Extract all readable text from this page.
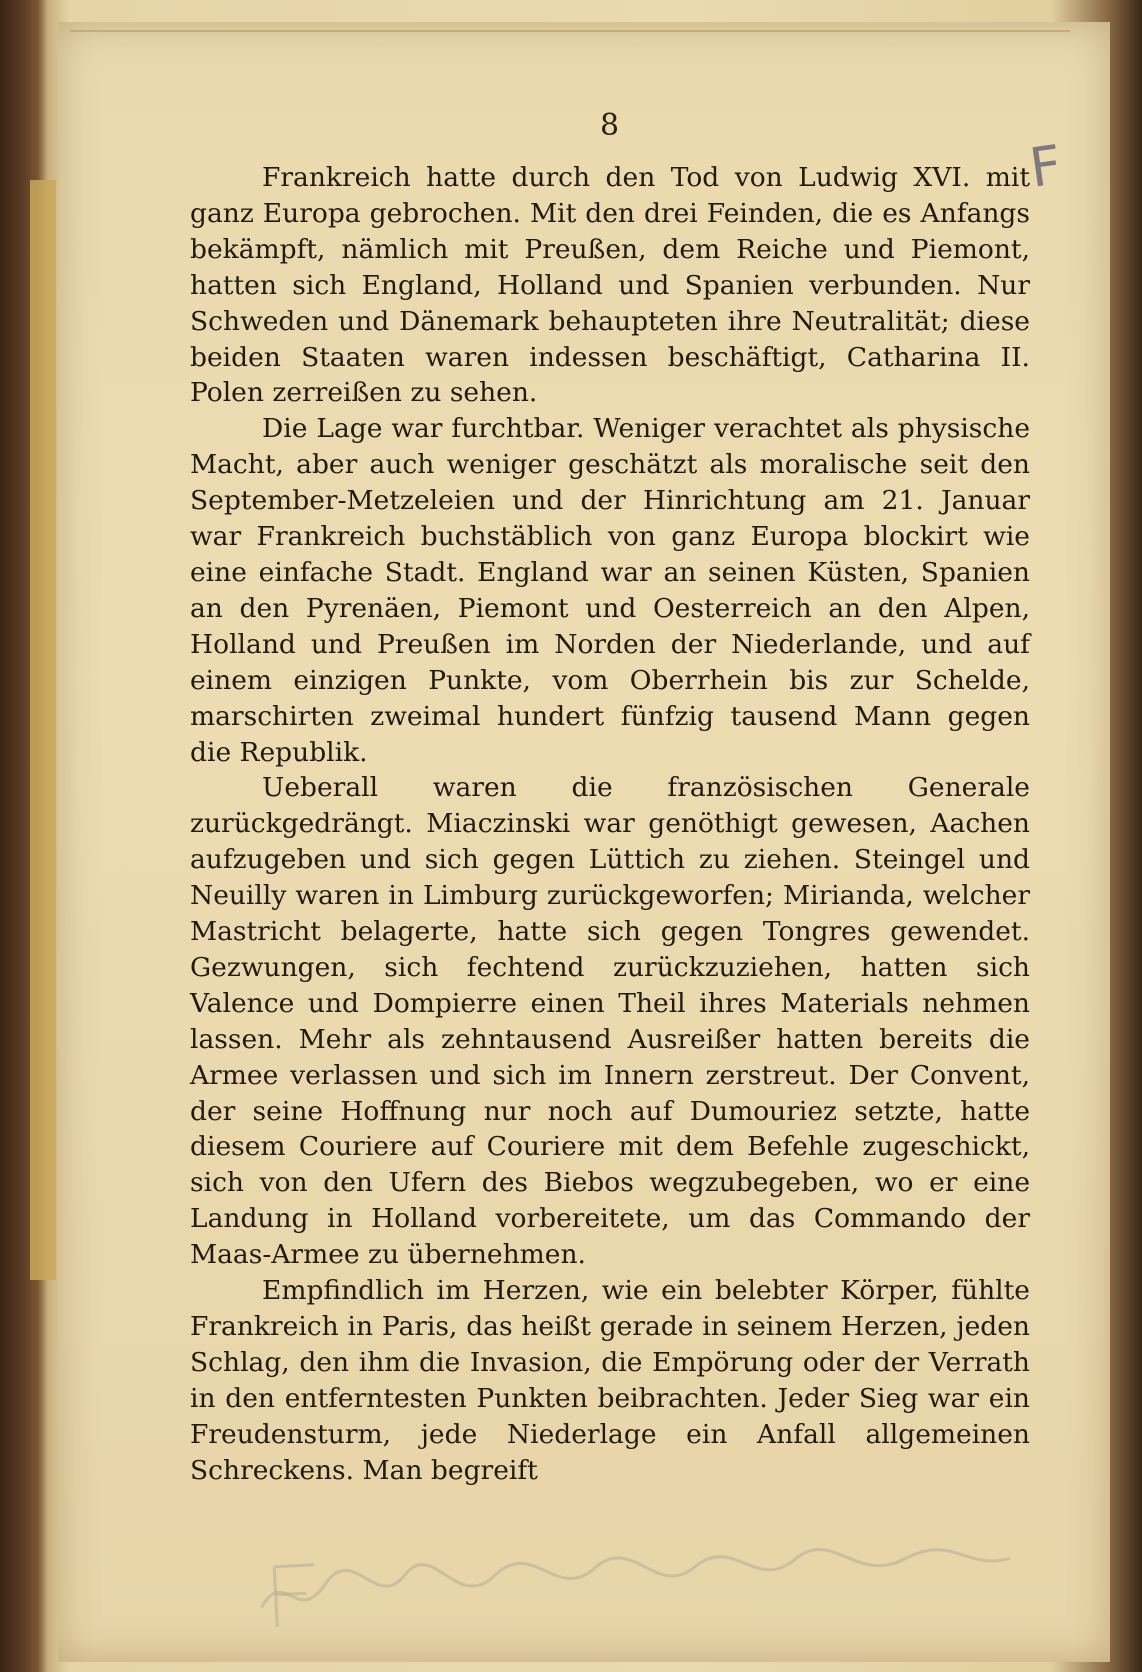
8
F

Frankreich hatte durch den Tod von Ludwig XVI. mit ganz Europa gebrochen. Mit den drei Feinden, die es Anfangs bekämpft, nämlich mit Preußen, dem Reiche und Piemont, hatten sich England, Holland und Spanien verbunden. Nur Schweden und Dänemark behaupteten ihre Neutralität; diese beiden Staaten waren indessen beschäftigt, Catharina II. Polen zerreißen zu sehen.

Die Lage war furchtbar. Weniger verachtet als physische Macht, aber auch weniger geschätzt als moralische seit den September-Metzeleien und der Hinrichtung am 21. Januar war Frankreich buchstäblich von ganz Europa blockirt wie eine einfache Stadt. England war an seinen Küsten, Spanien an den Pyrenäen, Piemont und Oesterreich an den Alpen, Holland und Preußen im Norden der Niederlande, und auf einem einzigen Punkte, vom Oberrhein bis zur Schelde, marschirten zweimal hundert fünfzig tausend Mann gegen die Republik.

Ueberall waren die französischen Generale zurückgedrängt. Miaczinski war genöthigt gewesen, Aachen aufzugeben und sich gegen Lüttich zu ziehen. Steingel und Neuilly waren in Limburg zurückgeworfen; Mirianda, welcher Mastricht belagerte, hatte sich gegen Tongres gewendet. Gezwungen, sich fechtend zurückzuziehen, hatten sich Valence und Dompierre einen Theil ihres Materials nehmen lassen. Mehr als zehntausend Ausreißer hatten bereits die Armee verlassen und sich im Innern zerstreut. Der Convent, der seine Hoffnung nur noch auf Dumouriez setzte, hatte diesem Couriere auf Couriere mit dem Befehle zugeschickt, sich von den Ufern des Biebos wegzubegeben, wo er eine Landung in Holland vorbereitete, um das Commando der Maas-Armee zu übernehmen.

Empfindlich im Herzen, wie ein belebter Körper, fühlte Frankreich in Paris, das heißt gerade in seinem Herzen, jeden Schlag, den ihm die Invasion, die Empörung oder der Verrath in den entferntesten Punkten beibrachten. Jeder Sieg war ein Freudensturm, jede Niederlage ein Anfall allgemeinen Schreckens. Man begreift
